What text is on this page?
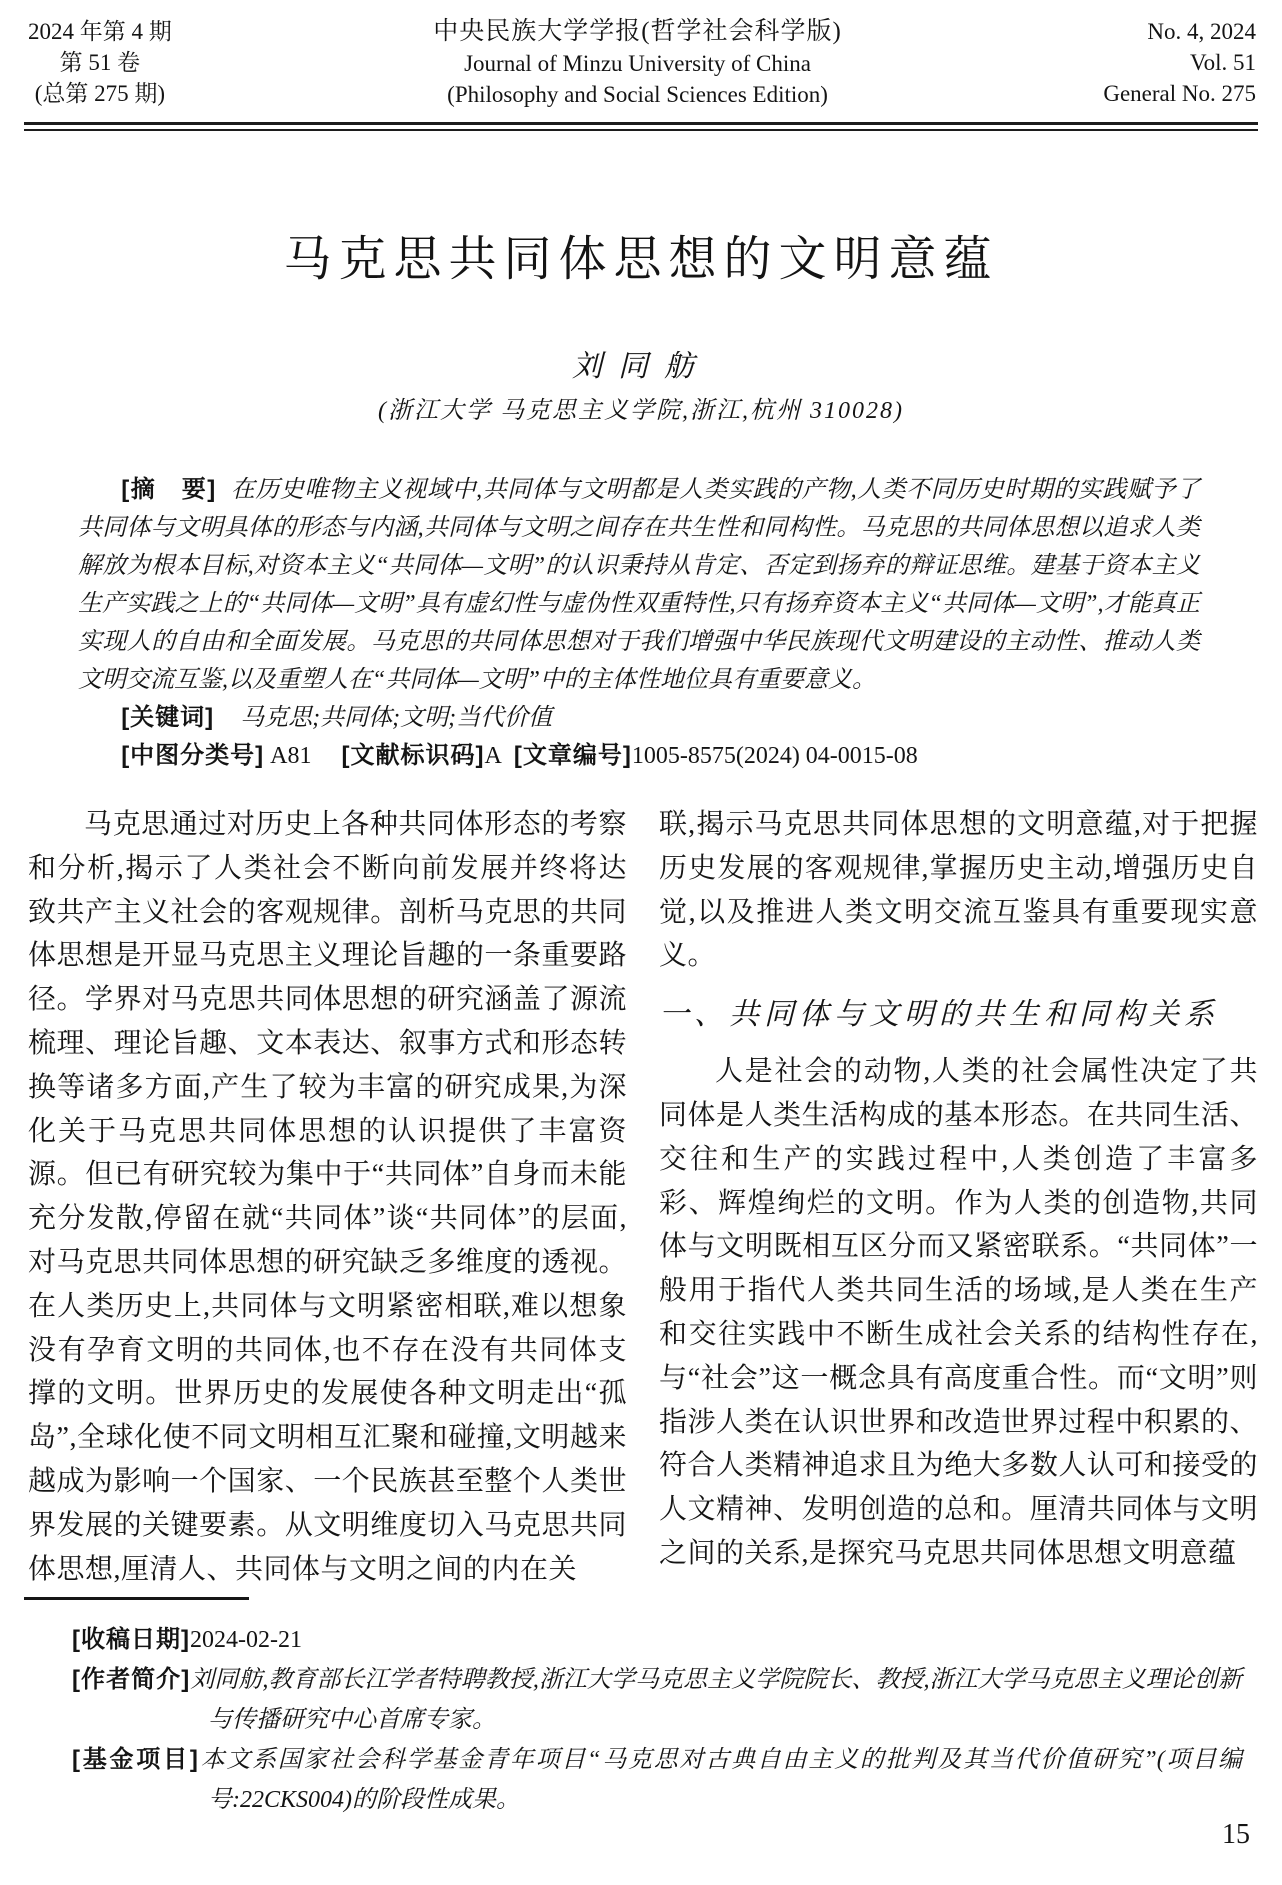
2024 年第 4 期
第 51 卷
(总第 275 期)
中央民族大学学报(哲学社会科学版)
Journal of Minzu University of China
(Philosophy and Social Sciences Edition)
No. 4, 2024
Vol. 51
General No. 275
马克思共同体思想的文明意蕴
刘同舫
(浙江大学 马克思主义学院,浙江,杭州 310028)

[摘　要] 在历史唯物主义视域中,共同体与文明都是人类实践的产物,人类不同历史时期的实践赋予了共同体与文明具体的形态与内涵,共同体与文明之间存在共生性和同构性。马克思的共同体思想以追求人类解放为根本目标,对资本主义“共同体—文明”的认识秉持从肯定、否定到扬弃的辩证思维。建基于资本主义生产实践之上的“共同体—文明”具有虚幻性与虚伪性双重特性,只有扬弃资本主义“共同体—文明”,才能真正实现人的自由和全面发展。马克思的共同体思想对于我们增强中华民族现代文明建设的主动性、推动人类文明交流互鉴,以及重塑人在“共同体—文明”中的主体性地位具有重要意义。

[关键词] 马克思;共同体;文明;当代价值

[中图分类号] A81 [文献标识码]A [文章编号]1005-8575(2024) 04-0015-08

马克思通过对历史上各种共同体形态的考察和分析,揭示了人类社会不断向前发展并终将达致共产主义社会的客观规律。剖析马克思的共同体思想是开显马克思主义理论旨趣的一条重要路径。学界对马克思共同体思想的研究涵盖了源流梳理、理论旨趣、文本表达、叙事方式和形态转换等诸多方面,产生了较为丰富的研究成果,为深化关于马克思共同体思想的认识提供了丰富资源。但已有研究较为集中于“共同体”自身而未能充分发散,停留在就“共同体”谈“共同体”的层面,对马克思共同体思想的研究缺乏多维度的透视。在人类历史上,共同体与文明紧密相联,难以想象没有孕育文明的共同体,也不存在没有共同体支撑的文明。世界历史的发展使各种文明走出“孤岛”,全球化使不同文明相互汇聚和碰撞,文明越来越成为影响一个国家、一个民族甚至整个人类世界发展的关键要素。从文明维度切入马克思共同体思想,厘清人、共同体与文明之间的内在关

联,揭示马克思共同体思想的文明意蕴,对于把握历史发展的客观规律,掌握历史主动,增强历史自觉,以及推进人类文明交流互鉴具有重要现实意义。

一、共同体与文明的共生和同构关系

人是社会的动物,人类的社会属性决定了共同体是人类生活构成的基本形态。在共同生活、交往和生产的实践过程中,人类创造了丰富多彩、辉煌绚烂的文明。作为人类的创造物,共同体与文明既相互区分而又紧密联系。“共同体”一般用于指代人类共同生活的场域,是人类在生产和交往实践中不断生成社会关系的结构性存在,与“社会”这一概念具有高度重合性。而“文明”则指涉人类在认识世界和改造世界过程中积累的、符合人类精神追求且为绝大多数人认可和接受的人文精神、发明创造的总和。厘清共同体与文明之间的关系,是探究马克思共同体思想文明意蕴

[收稿日期]2024-02-21
[作者简介]刘同舫,教育部长江学者特聘教授,浙江大学马克思主义学院院长、教授,浙江大学马克思主义理论创新与传播研究中心首席专家。
[基金项目]本文系国家社会科学基金青年项目“马克思对古典自由主义的批判及其当代价值研究”(项目编号:22CKS004)的阶段性成果。
15
